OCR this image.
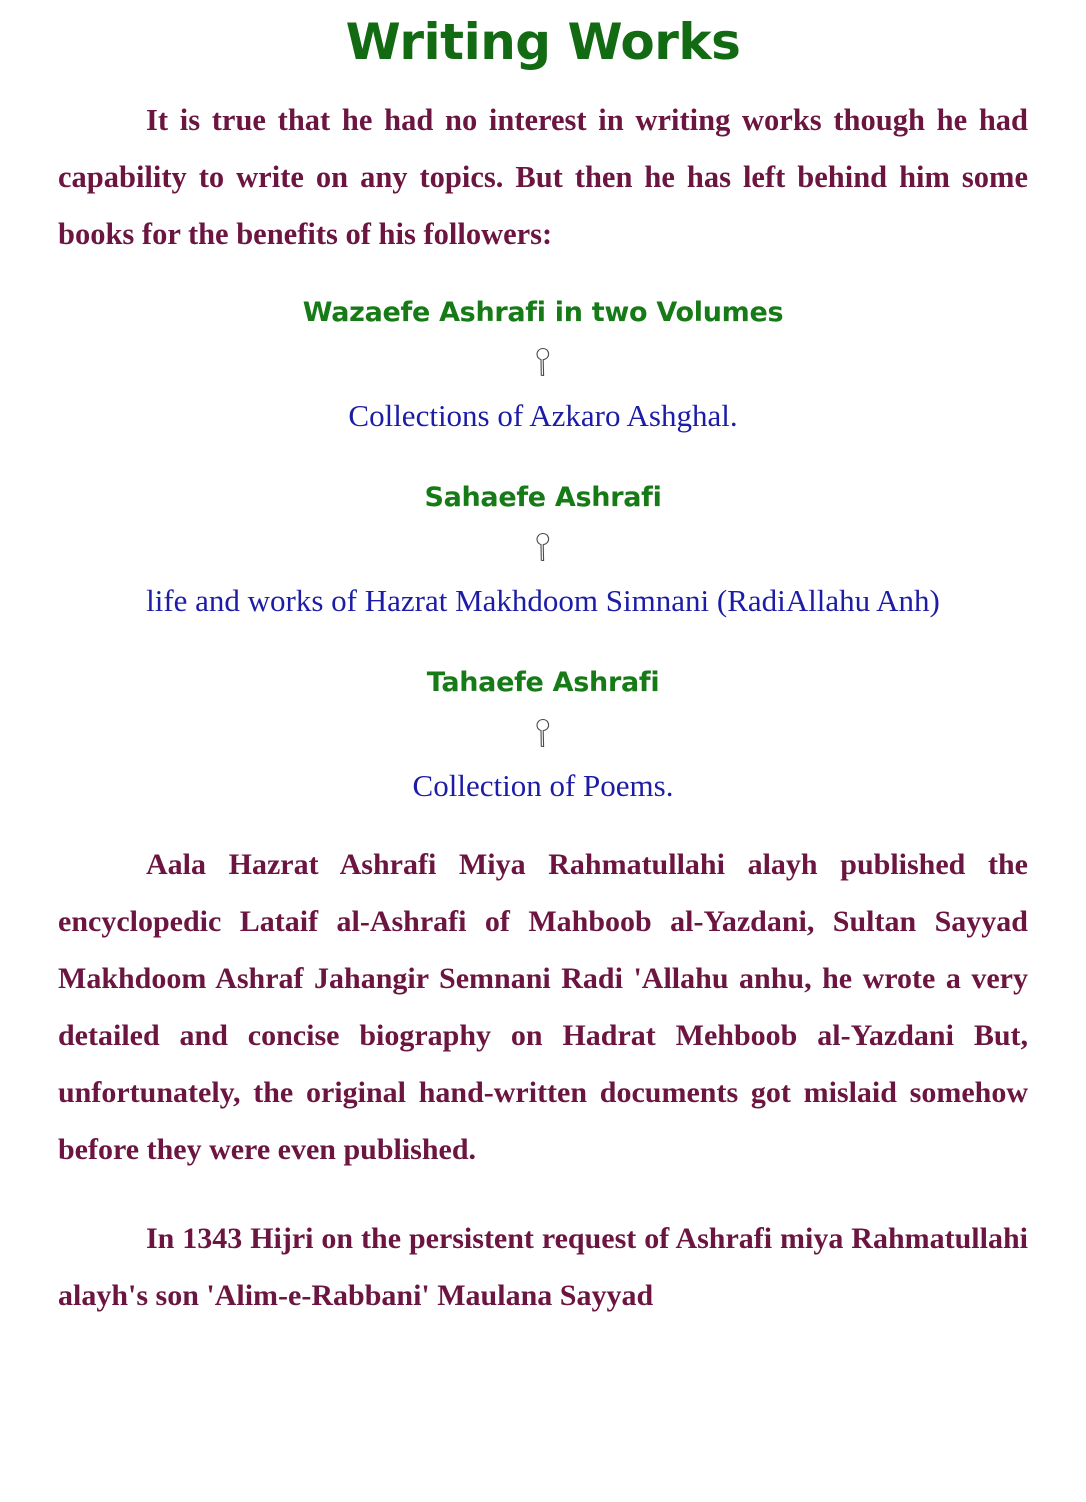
Writing Works

It is true that he had no interest in writing works though he had capability to write on any topics. But then he has left behind him some books for the benefits of his followers:

Wazaefe Ashrafi in two Volumes
Collections of Azkaro Ashghal.
Sahaefe Ashrafi
life and works of Hazrat Makhdoom Simnani (RadiAllahu Anh)
Tahaefe Ashrafi
Collection of Poems.

Aala Hazrat Ashrafi Miya Rahmatullahi alayh published the encyclopedic Lataif al-Ashrafi of Mahboob al-Yazdani, Sultan Sayyad Makhdoom Ashraf Jahangir Semnani Radi 'Allahu anhu, he wrote a very detailed and concise biography on Hadrat Mehboob al-Yazdani But, unfortunately, the original hand-written documents got mislaid somehow before they were even published.

In 1343 Hijri on the persistent request of Ashrafi miya Rahmatullahi alayh's son 'Alim-e-Rabbani' Maulana Sayyad
